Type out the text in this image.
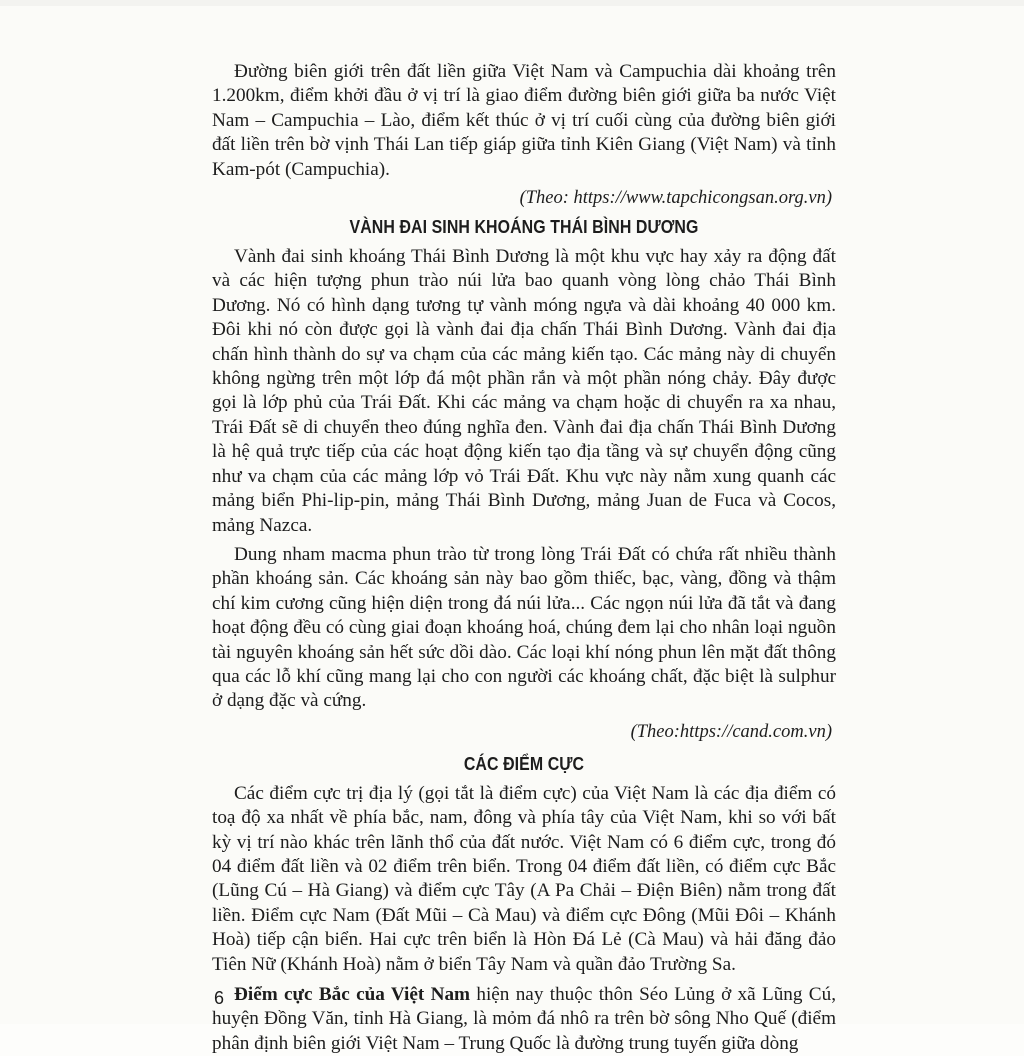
Đường biên giới trên đất liền giữa Việt Nam và Campuchia dài khoảng trên 1.200km, điểm khởi đầu ở vị trí là giao điểm đường biên giới giữa ba nước Việt Nam – Campuchia – Lào, điểm kết thúc ở vị trí cuối cùng của đường biên giới đất liền trên bờ vịnh Thái Lan tiếp giáp giữa tỉnh Kiên Giang (Việt Nam) và tỉnh Kam-pót (Campuchia).

(Theo: https://www.tapchicongsan.org.vn)
VÀNH ĐAI SINH KHOÁNG THÁI BÌNH DƯƠNG

Vành đai sinh khoáng Thái Bình Dương là một khu vực hay xảy ra động đất và các hiện tượng phun trào núi lửa bao quanh vòng lòng chảo Thái Bình Dương. Nó có hình dạng tương tự vành móng ngựa và dài khoảng 40 000 km. Đôi khi nó còn được gọi là vành đai địa chấn Thái Bình Dương. Vành đai địa chấn hình thành do sự va chạm của các mảng kiến tạo. Các mảng này di chuyển không ngừng trên một lớp đá một phần rắn và một phần nóng chảy. Đây được gọi là lớp phủ của Trái Đất. Khi các mảng va chạm hoặc di chuyển ra xa nhau, Trái Đất sẽ di chuyển theo đúng nghĩa đen. Vành đai địa chấn Thái Bình Dương là hệ quả trực tiếp của các hoạt động kiến tạo địa tầng và sự chuyển động cũng như va chạm của các mảng lớp vỏ Trái Đất. Khu vực này nằm xung quanh các mảng biển Phi-lip-pin, mảng Thái Bình Dương, mảng Juan de Fuca và Cocos, mảng Nazca.

Dung nham macma phun trào từ trong lòng Trái Đất có chứa rất nhiều thành phần khoáng sản. Các khoáng sản này bao gồm thiếc, bạc, vàng, đồng và thậm chí kim cương cũng hiện diện trong đá núi lửa... Các ngọn núi lửa đã tắt và đang hoạt động đều có cùng giai đoạn khoáng hoá, chúng đem lại cho nhân loại nguồn tài nguyên khoáng sản hết sức dồi dào. Các loại khí nóng phun lên mặt đất thông qua các lỗ khí cũng mang lại cho con người các khoáng chất, đặc biệt là sulphur ở dạng đặc và cứng.

(Theo:https://cand.com.vn)
CÁC ĐIỂM CỰC

Các điểm cực trị địa lý (gọi tắt là điểm cực) của Việt Nam là các địa điểm có toạ độ xa nhất về phía bắc, nam, đông và phía tây của Việt Nam, khi so với bất kỳ vị trí nào khác trên lãnh thổ của đất nước. Việt Nam có 6 điểm cực, trong đó 04 điểm đất liền và 02 điểm trên biển. Trong 04 điểm đất liền, có điểm cực Bắc (Lũng Cú – Hà Giang) và điểm cực Tây (A Pa Chải – Điện Biên) nằm trong đất liền. Điểm cực Nam (Đất Mũi – Cà Mau) và điểm cực Đông (Mũi Đôi – Khánh Hoà) tiếp cận biển. Hai cực trên biển là Hòn Đá Lẻ (Cà Mau) và hải đăng đảo Tiên Nữ (Khánh Hoà) nằm ở biển Tây Nam và quần đảo Trường Sa.

Điểm cực Bắc của Việt Nam hiện nay thuộc thôn Séo Lủng ở xã Lũng Cú, huyện Đồng Văn, tỉnh Hà Giang, là mỏm đá nhô ra trên bờ sông Nho Quế (điểm phân định biên giới Việt Nam – Trung Quốc là đường trung tuyến giữa dòng

6
